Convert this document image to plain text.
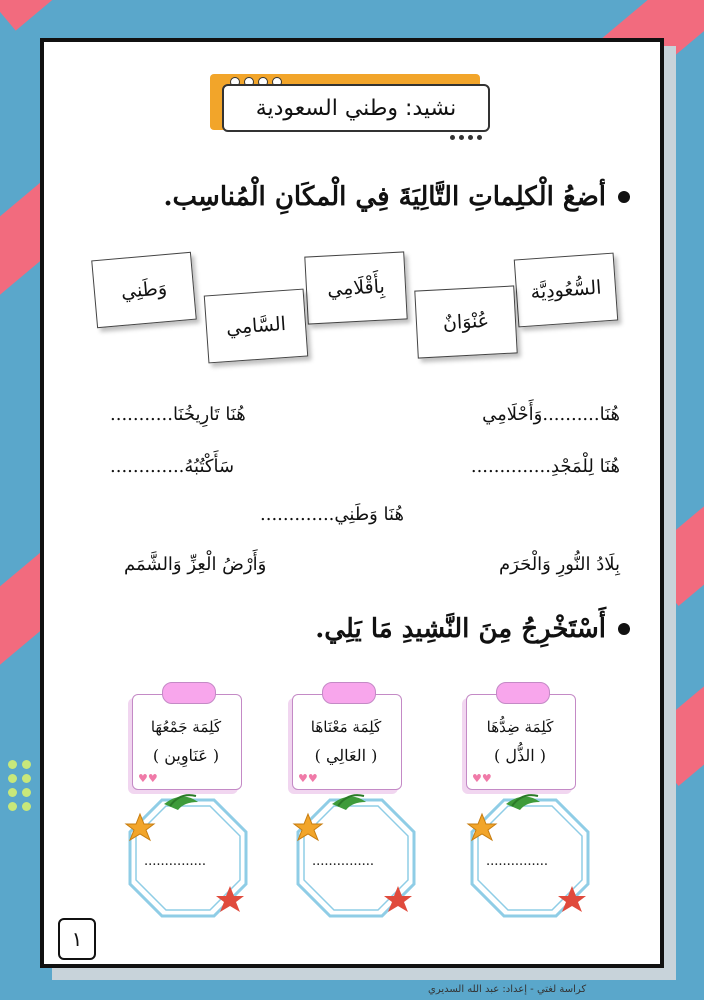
نشيد: وطني السعودية
أضعُ الْكلِماتِ التَّالِيَةَ فِي الْمكَانِ الْمُناسِب.
السُّعُودِيَّة
عُنْوَانٌ
بِأَقْلَامِي
السَّامِي
وَطَنِي
هُنَا..........وَأَحْلَامِي
هُنَا تَارِيخُنَا...........
هُنَا لِلْمَجْدِ..............
سَأَكْتُبُهُ.............
هُنَا وَطَنِي.............
بِلَادُ النُّورِ وَالْحَرَم
وَأَرْضُ الْعِزِّ وَالشَّمَم
أَسْتَخْرِجُ مِنَ النَّشِيدِ مَا يَلِي.
كَلِمَة ضِدُّهَا
( الذُّل )
♥♥
كَلِمَة مَعْنَاهَا
( العَالِي )
♥♥
كَلِمَة جَمْعُهَا
( عَنَاوِين )
♥♥
...............
...............
...............
١
كراسة لغتي - إعداد: عبد الله السديري
